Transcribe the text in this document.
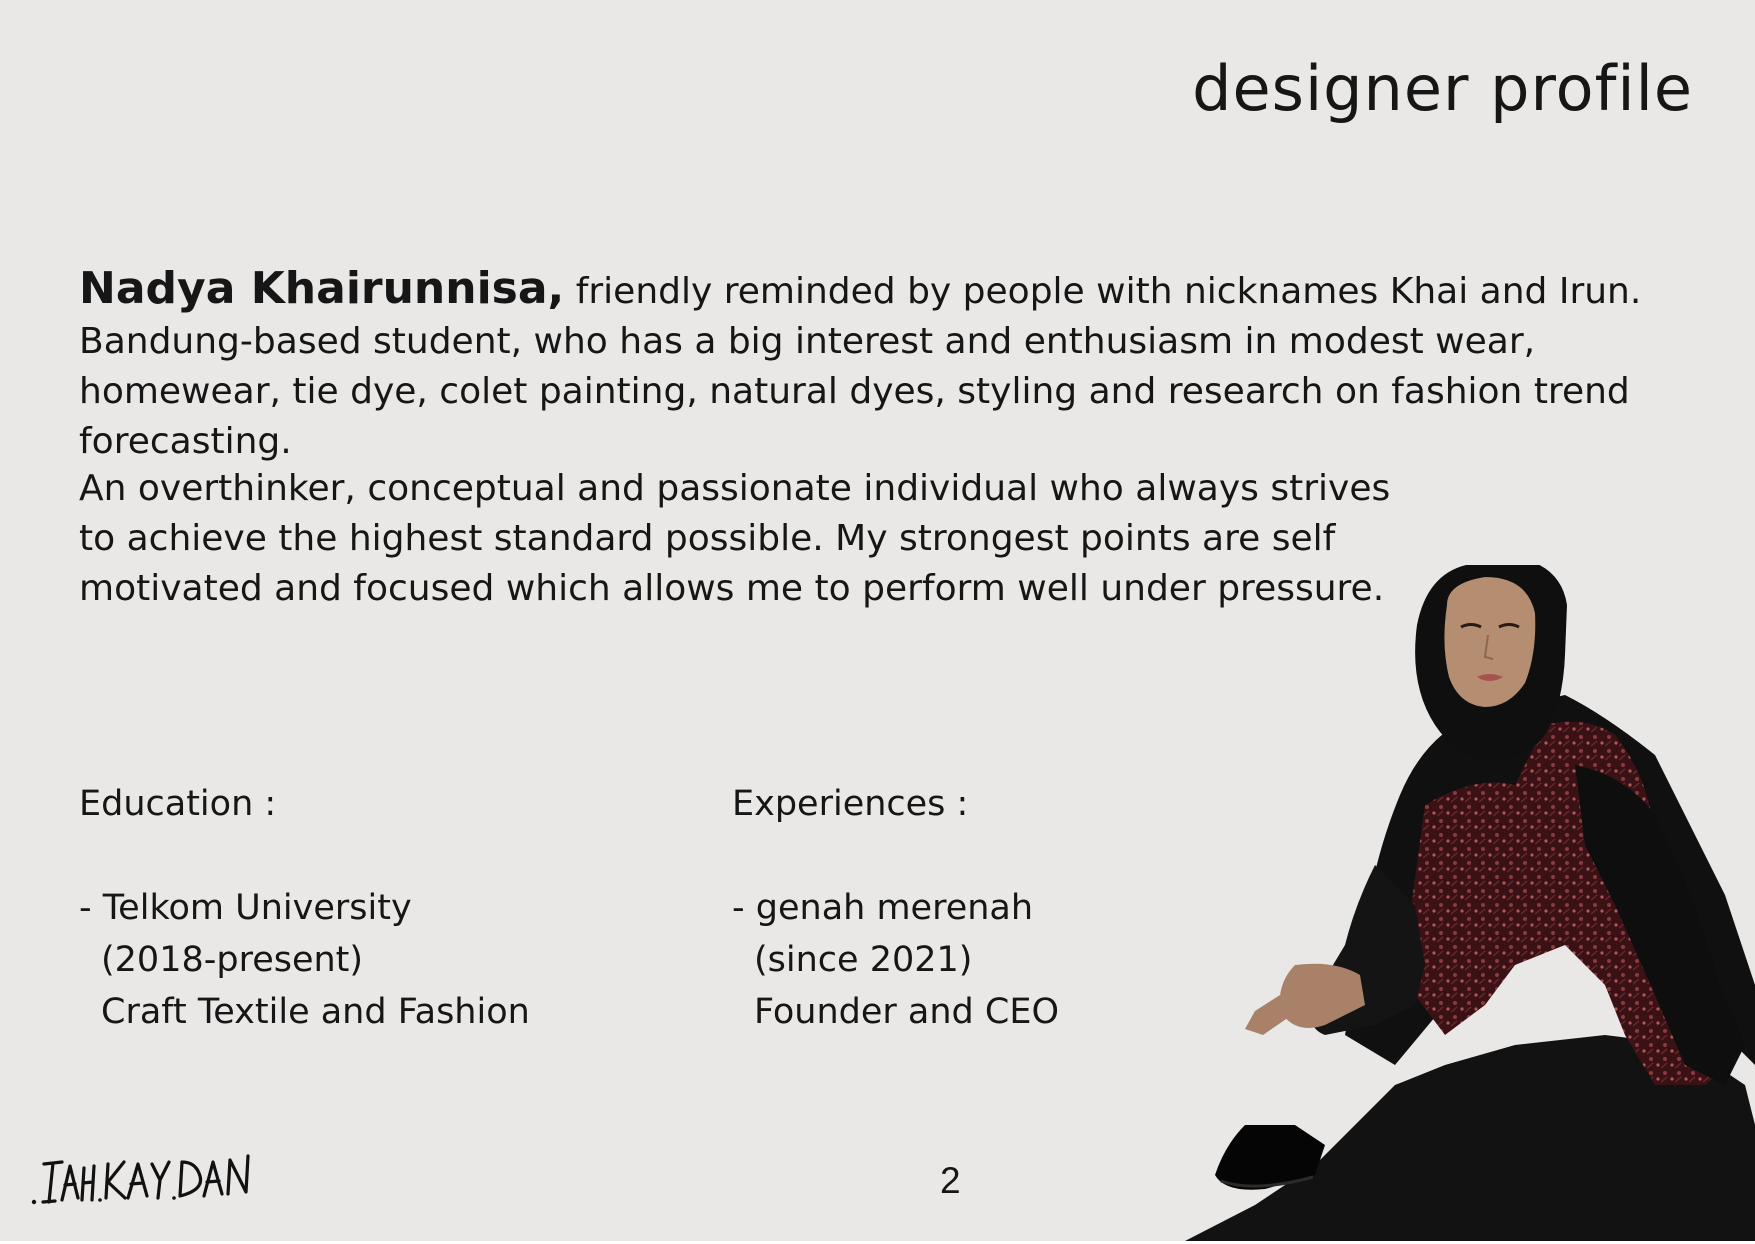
designer profile

Nadya Khairunnisa, friendly reminded by people with nicknames Khai and Irun. Bandung-based student, who has a big interest and enthusiasm in modest wear, homewear, tie dye, colet painting, natural dyes, styling and research on fashion trend forecasting.

An overthinker, conceptual and passionate individual who always strives to achieve the highest standard possible. My strongest points are self motivated and focused which allows me to perform well under pressure.

Education :
- Telkom University
(2018-present)
Craft Textile and Fashion
Experiences :
- genah merenah
(since 2021)
Founder and CEO
2
